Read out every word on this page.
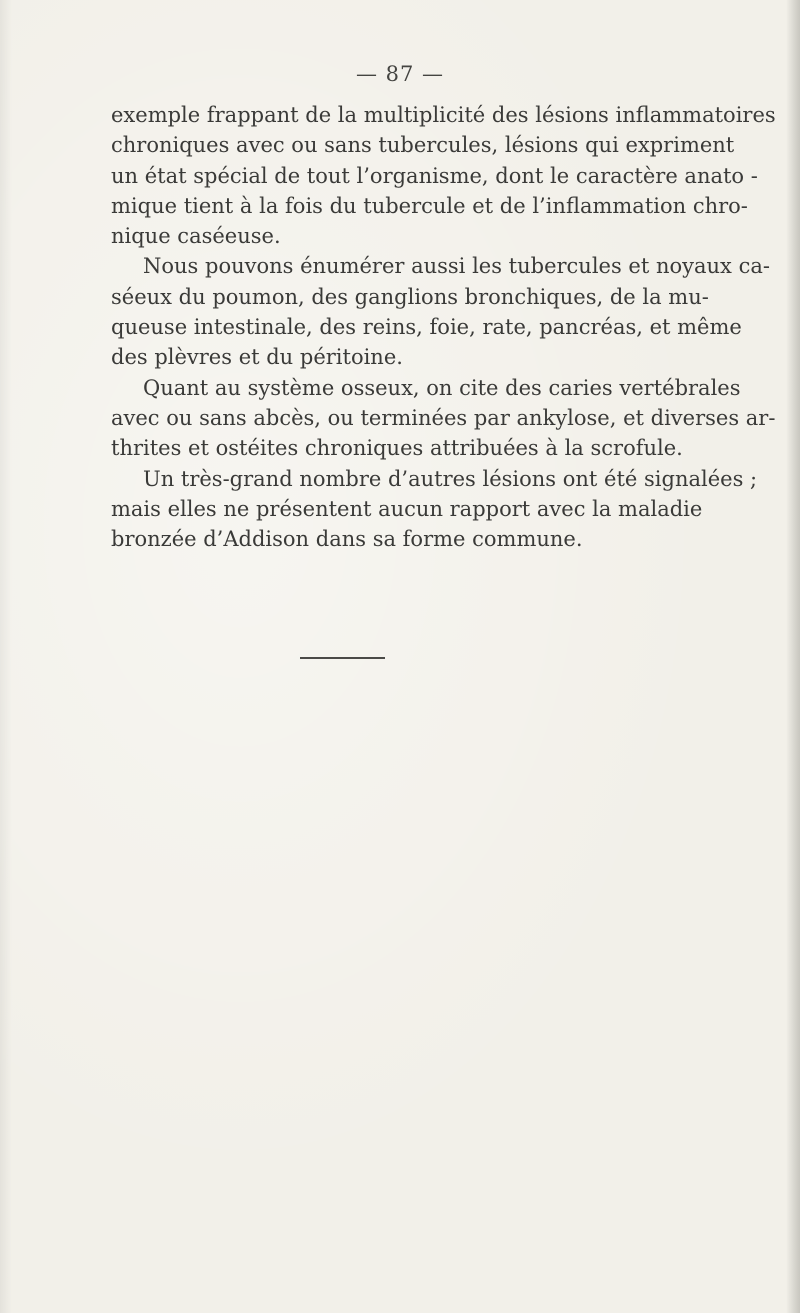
— 87 —
exemple frappant de la multiplicité des lésions inflammatoires
chroniques avec ou sans tubercules, lésions qui expriment
un état spécial de tout l’organisme, dont le caractère anato -
mique tient à la fois du tubercule et de l’inflammation chro-
nique caséeuse.
Nous pouvons énumérer aussi les tubercules et noyaux ca-
séeux du poumon, des ganglions bronchiques, de la mu-
queuse intestinale, des reins, foie, rate, pancréas, et même
des plèvres et du péritoine.
Quant au système osseux, on cite des caries vertébrales
avec ou sans abcès, ou terminées par ankylose, et diverses ar-
thrites et ostéites chroniques attribuées à la scrofule.
Un très-grand nombre d’autres lésions ont été signalées ;
mais elles ne présentent aucun rapport avec la maladie
bronzée d’Addison dans sa forme commune.
